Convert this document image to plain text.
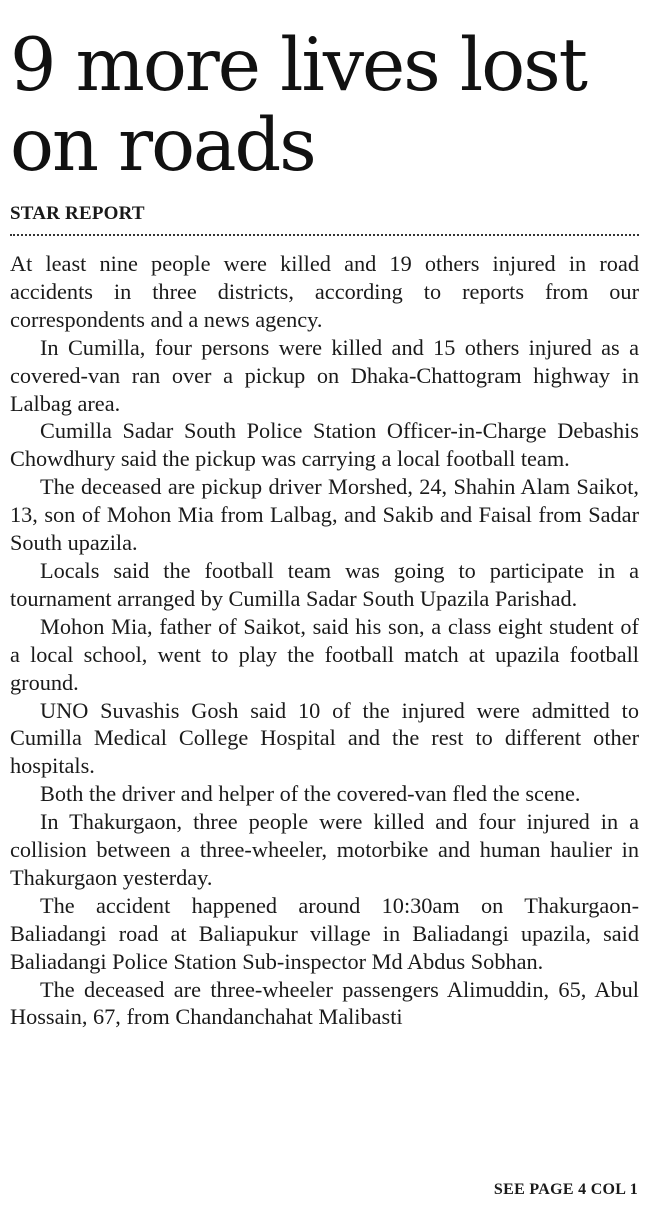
9 more lives lost on roads
STAR REPORT

At least nine people were killed and 19 others injured in road accidents in three districts, according to reports from our correspondents and a news agency.

In Cumilla, four persons were killed and 15 others injured as a covered-van ran over a pickup on Dhaka-Chattogram highway in Lalbag area.

Cumilla Sadar South Police Station Officer-in-Charge Debashis Chowdhury said the pickup was carrying a local football team.

The deceased are pickup driver Morshed, 24, Shahin Alam Saikot, 13, son of Mohon Mia from Lalbag, and Sakib and Faisal from Sadar South upazila.

Locals said the football team was going to participate in a tournament arranged by Cumilla Sadar South Upazila Parishad.

Mohon Mia, father of Saikot, said his son, a class eight student of a local school, went to play the football match at upazila football ground.

UNO Suvashis Gosh said 10 of the injured were admitted to Cumilla Medical College Hospital and the rest to different other hospitals.

Both the driver and helper of the covered-van fled the scene.

In Thakurgaon, three people were killed and four injured in a collision between a three-wheeler, motorbike and human haulier in Thakurgaon yesterday.

The accident happened around 10:30am on Thakurgaon-Baliadangi road at Baliapukur village in Baliadangi upazila, said Baliadangi Police Station Sub-inspector Md Abdus Sobhan.

The deceased are three-wheeler passengers Alimuddin, 65, Abul Hossain, 67, from Chandanchahat Malibasti

SEE PAGE 4 COL 1
